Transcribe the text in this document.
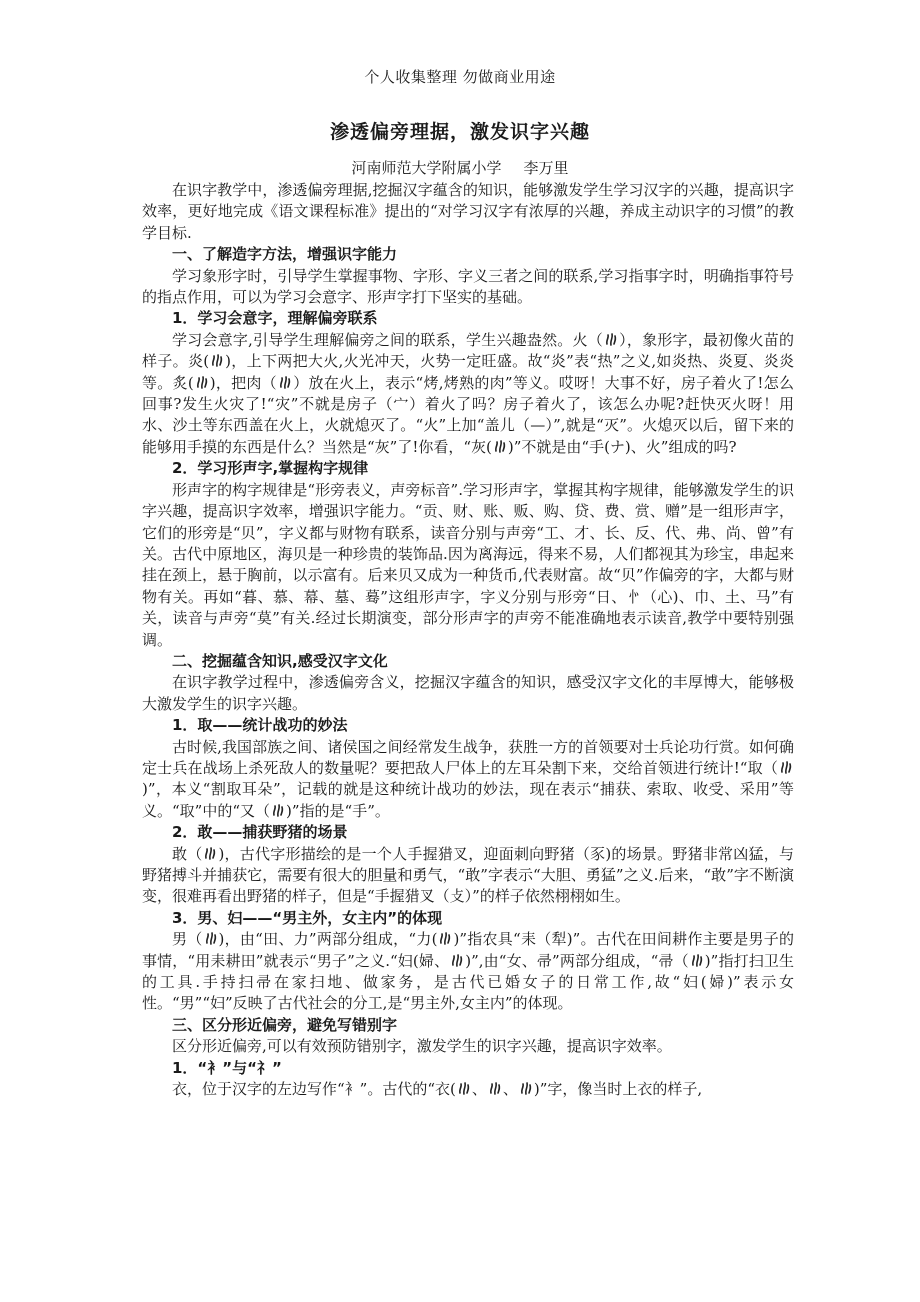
个人收集整理 勿做商业用途
渗透偏旁理据，激发识字兴趣
河南师范大学附属小学 李万里

在识字教学中，渗透偏旁理据,挖掘汉字蕴含的知识，能够激发学生学习汉字的兴趣，提高识字效率，更好地完成《语文课程标准》提出的“对学习汉字有浓厚的兴趣，养成主动识字的习惯”的教学目标.

一、了解造字方法，增强识字能力

学习象形字时，引导学生掌握事物、字形、字义三者之间的联系,学习指事字时，明确指事符号的指点作用，可以为学习会意字、形声字打下坚实的基础。

1．学习会意字，理解偏旁联系

学习会意字,引导学生理解偏旁之间的联系，学生兴趣盎然。火（ ），象形字，最初像火苗的样子。炎( )，上下两把大火,火光冲天，火势一定旺盛。故“炎”表“热”之义,如炎热、炎夏、炎炎等。炙( )，把肉（ ）放在火上，表示“烤,烤熟的肉”等义。哎呀！大事不好，房子着火了!怎么回事?发生火灾了!“灾”不就是房子（宀）着火了吗？房子着火了，该怎么办呢?赶快灭火呀！用水、沙土等东西盖在火上，火就熄灭了。“火”上加“盖儿（—）”,就是“灭”。火熄灭以后，留下来的能够用手摸的东西是什么？当然是“灰”了!你看，“灰( )”不就是由“手(ナ)、火”组成的吗?

2．学习形声字,掌握构字规律

形声字的构字规律是“形旁表义，声旁标音”.学习形声字，掌握其构字规律，能够激发学生的识字兴趣，提高识字效率，增强识字能力。“贡、财、账、贩、购、贷、费、赏、赠”是一组形声字，它们的形旁是“贝”，字义都与财物有联系，读音分别与声旁“工、才、长、反、代、弗、尚、曾”有关。古代中原地区，海贝是一种珍贵的装饰品.因为离海远，得来不易，人们都视其为珍宝，串起来挂在颈上，悬于胸前，以示富有。后来贝又成为一种货币,代表财富。故“贝”作偏旁的字，大都与财物有关。再如“暮、慕、幕、墓、蓦”这组形声字，字义分别与形旁“日、㣺（心)、巾、土、马”有关，读音与声旁“莫”有关.经过长期演变，部分形声字的声旁不能准确地表示读音,教学中要特别强调。

二、挖掘蕴含知识,感受汉字文化

在识字教学过程中，渗透偏旁含义，挖掘汉字蕴含的知识，感受汉字文化的丰厚博大，能够极大激发学生的识字兴趣。

1．取——统计战功的妙法

古时候,我国部族之间、诸侯国之间经常发生战争，获胜一方的首领要对士兵论功行赏。如何确定士兵在战场上杀死敌人的数量呢？要把敌人尸体上的左耳朵割下来，交给首领进行统计!“取（
)”，本义“割取耳朵”，记载的就是这种统计战功的妙法，现在表示“捕获、索取、收受、采用”等义。“取”中的“又（ )”指的是“手”。

2．敢——捕获野猪的场景

敢（ )，古代字形描绘的是一个人手握猎叉，迎面刺向野猪（豕)的场景。野猪非常凶猛，与野猪搏斗并捕获它，需要有很大的胆量和勇气，“敢”字表示“大胆、勇猛”之义.后来，“敢”字不断演变，很难再看出野猪的样子，但是“手握猎叉（攴）”的样子依然栩栩如生。

3．男、妇——“男主外，女主内”的体现

男（ )，由“田、力”两部分组成，“力( )”指农具“耒（犁)”。古代在田间耕作主要是男子的事情，“用耒耕田”就表示“男子”之义.“妇(婦、 )”,由“女、帚”两部分组成，“帚（ )”指打扫卫生的工具.手持扫帚在家扫地、做家务，是古代已婚女子的日常工作,故“妇(婦)”表示女性。“男”“妇”反映了古代社会的分工,是“男主外,女主内”的体现。

三、区分形近偏旁，避免写错别字

区分形近偏旁,可以有效预防错别字，激发学生的识字兴趣，提高识字效率。

1．“衤”与“礻”

衣，位于汉字的左边写作“衤”。古代的“衣( 、 、 )”字，像当时上衣的样子,
